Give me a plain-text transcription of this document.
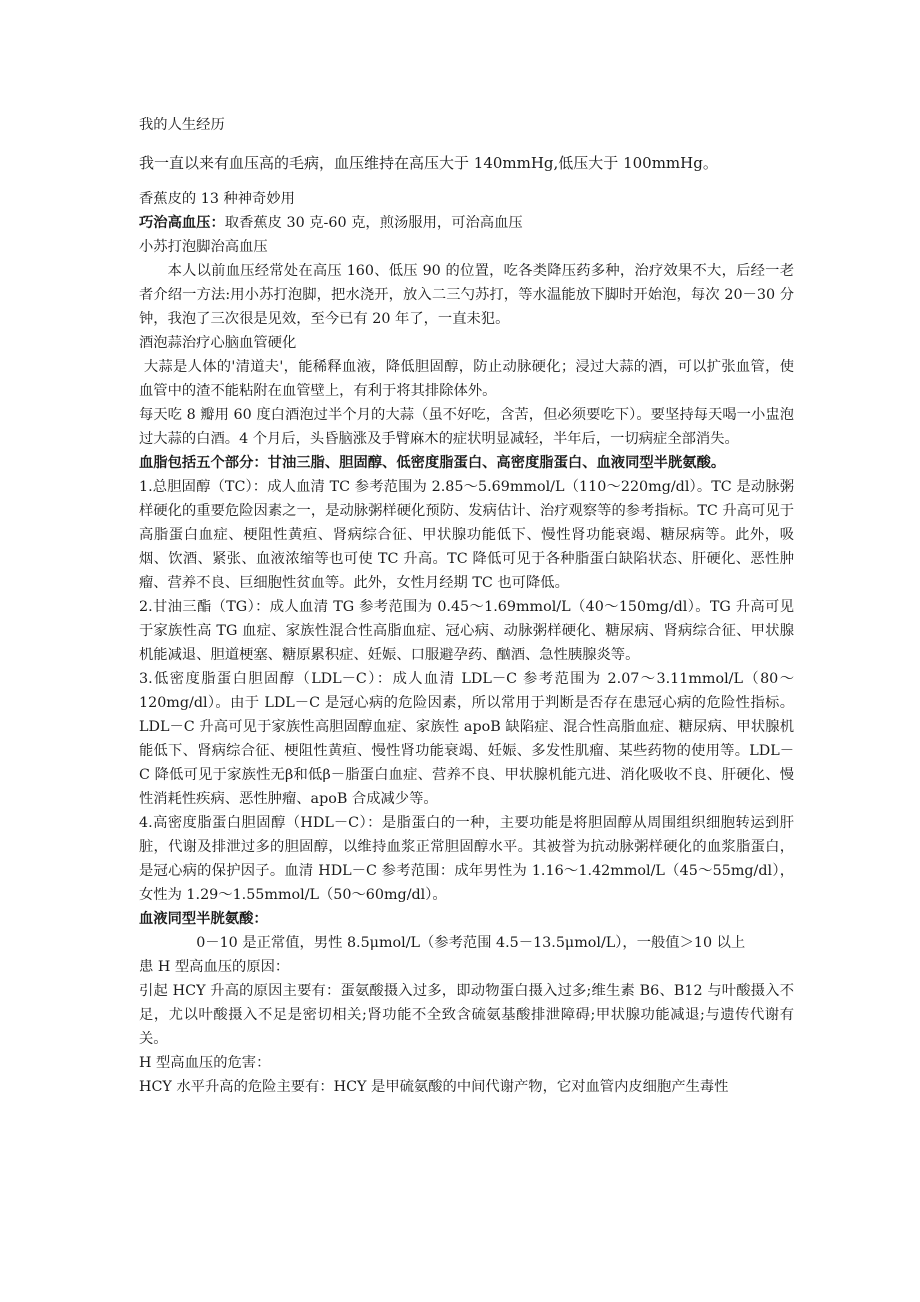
我的人生经历

我一直以来有血压高的毛病，血压维持在高压大于 140mmHg,低压大于 100mmHg。

香蕉皮的 13 种神奇妙用

巧治高血压：取香蕉皮 30 克-60 克，煎汤服用，可治高血压

小苏打泡脚治高血压

本人以前血压经常处在高压 160、低压 90 的位置，吃各类降压药多种，治疗效果不大，后经一老者介绍一方法:用小苏打泡脚，把水浇开，放入二三勺苏打，等水温能放下脚时开始泡，每次 20－30 分钟，我泡了三次很是见效，至今已有 20 年了，一直未犯。

酒泡蒜治疗心脑血管硬化

大蒜是人体的'清道夫'，能稀释血液，降低胆固醇，防止动脉硬化；浸过大蒜的酒，可以扩张血管，使血管中的渣不能粘附在血管壁上，有利于将其排除体外。

每天吃 8 瓣用 60 度白酒泡过半个月的大蒜（虽不好吃，含苦，但必须要吃下）。要坚持每天喝一小盅泡过大蒜的白酒。4 个月后，头昏脑涨及手臂麻木的症状明显减轻，半年后，一切病症全部消失。

血脂包括五个部分：甘油三脂、胆固醇、低密度脂蛋白、高密度脂蛋白、血液同型半胱氨酸。

1.总胆固醇（TC）：成人血清 TC 参考范围为 2.85～5.69mmol/L（110～220mg/dl）。TC 是动脉粥样硬化的重要危险因素之一，是动脉粥样硬化预防、发病估计、治疗观察等的参考指标。TC 升高可见于高脂蛋白血症、梗阻性黄疸、肾病综合征、甲状腺功能低下、慢性肾功能衰竭、糖尿病等。此外，吸烟、饮酒、紧张、血液浓缩等也可使 TC 升高。TC 降低可见于各种脂蛋白缺陷状态、肝硬化、恶性肿瘤、营养不良、巨细胞性贫血等。此外，女性月经期 TC 也可降低。

2.甘油三酯（TG）：成人血清 TG 参考范围为 0.45～1.69mmol/L（40～150mg/dl）。TG 升高可见于家族性高 TG 血症、家族性混合性高脂血症、冠心病、动脉粥样硬化、糖尿病、肾病综合征、甲状腺机能减退、胆道梗塞、糖原累积症、妊娠、口服避孕药、酗酒、急性胰腺炎等。

3.低密度脂蛋白胆固醇（LDL－C）：成人血清 LDL－C 参考范围为 2.07～3.11mmol/L（80～120mg/dl）。由于 LDL－C 是冠心病的危险因素，所以常用于判断是否存在患冠心病的危险性指标。LDL－C 升高可见于家族性高胆固醇血症、家族性 apoB 缺陷症、混合性高脂血症、糖尿病、甲状腺机能低下、肾病综合征、梗阻性黄疸、慢性肾功能衰竭、妊娠、多发性肌瘤、某些药物的使用等。LDL－C 降低可见于家族性无β和低β－脂蛋白血症、营养不良、甲状腺机能亢进、消化吸收不良、肝硬化、慢性消耗性疾病、恶性肿瘤、apoB 合成减少等。

4.高密度脂蛋白胆固醇（HDL－C）：是脂蛋白的一种，主要功能是将胆固醇从周围组织细胞转运到肝脏，代谢及排泄过多的胆固醇，以维持血浆正常胆固醇水平。其被誉为抗动脉粥样硬化的血浆脂蛋白，是冠心病的保护因子。血清 HDL－C 参考范围：成年男性为 1.16～1.42mmol/L（45～55mg/dl），女性为 1.29～1.55mmol/L（50～60mg/dl）。

血液同型半胱氨酸：

0－10 是正常值，男性 8.5μmol/L（参考范围 4.5－13.5μmol/L），一般值＞10 以上

患 H 型高血压的原因：

引起 HCY 升高的原因主要有：蛋氨酸摄入过多，即动物蛋白摄入过多;维生素 B6、B12 与叶酸摄入不足，尤以叶酸摄入不足是密切相关;肾功能不全致含硫氨基酸排泄障碍;甲状腺功能减退;与遗传代谢有关。

H 型高血压的危害：

HCY 水平升高的危险主要有：HCY 是甲硫氨酸的中间代谢产物，它对血管内皮细胞产生毒性
